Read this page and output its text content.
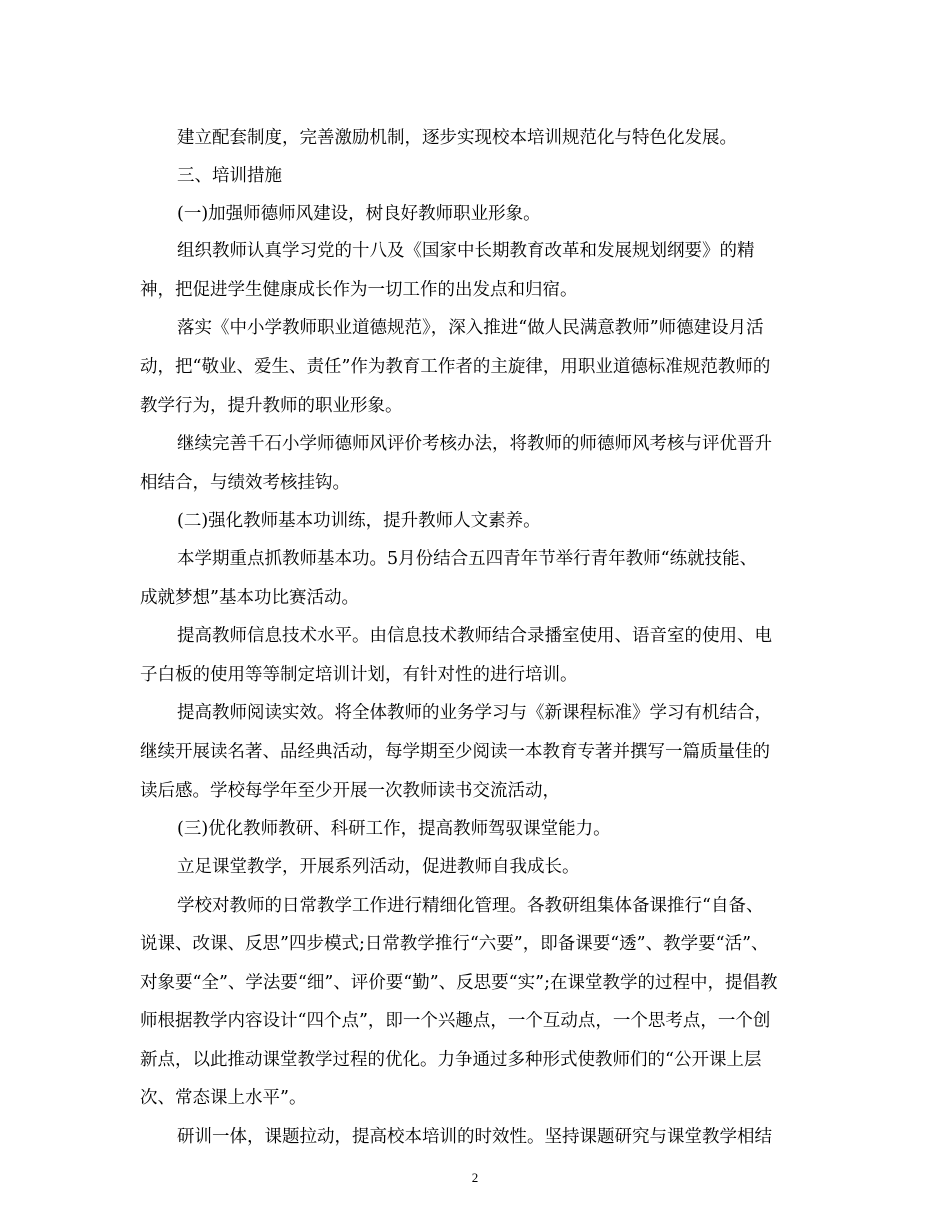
建立配套制度，完善激励机制，逐步实现校本培训规范化与特色化发展。
三、培训措施
(一)加强师德师风建设，树良好教师职业形象。
组织教师认真学习党的十八及《国家中长期教育改革和发展规划纲要》的精
神，把促进学生健康成长作为一切工作的出发点和归宿。
落实《中小学教师职业道德规范》，深入推进“做人民满意教师”师德建设月活
动，把“敬业、爱生、责任”作为教育工作者的主旋律，用职业道德标准规范教师的
教学行为，提升教师的职业形象。
继续完善千石小学师德师风评价考核办法，将教师的师德师风考核与评优晋升
相结合，与绩效考核挂钩。
(二)强化教师基本功训练，提升教师人文素养。
本学期重点抓教师基本功。5月份结合五四青年节举行青年教师“练就技能、
成就梦想”基本功比赛活动。
提高教师信息技术水平。由信息技术教师结合录播室使用、语音室的使用、电
子白板的使用等等制定培训计划，有针对性的进行培训。
提高教师阅读实效。将全体教师的业务学习与《新课程标准》学习有机结合，
继续开展读名著、品经典活动，每学期至少阅读一本教育专著并撰写一篇质量佳的
读后感。学校每学年至少开展一次教师读书交流活动，
(三)优化教师教研、科研工作，提高教师驾驭课堂能力。
立足课堂教学，开展系列活动，促进教师自我成长。
学校对教师的日常教学工作进行精细化管理。各教研组集体备课推行“自备、
说课、改课、反思”四步模式;日常教学推行“六要”，即备课要“透”、教学要“活”、
对象要“全”、学法要“细”、评价要“勤”、反思要“实”;在课堂教学的过程中，提倡教
师根据教学内容设计“四个点”，即一个兴趣点，一个互动点，一个思考点，一个创
新点，以此推动课堂教学过程的优化。力争通过多种形式使教师们的“公开课上层
次、常态课上水平”。
研训一体，课题拉动，提高校本培训的时效性。坚持课题研究与课堂教学相结
2
